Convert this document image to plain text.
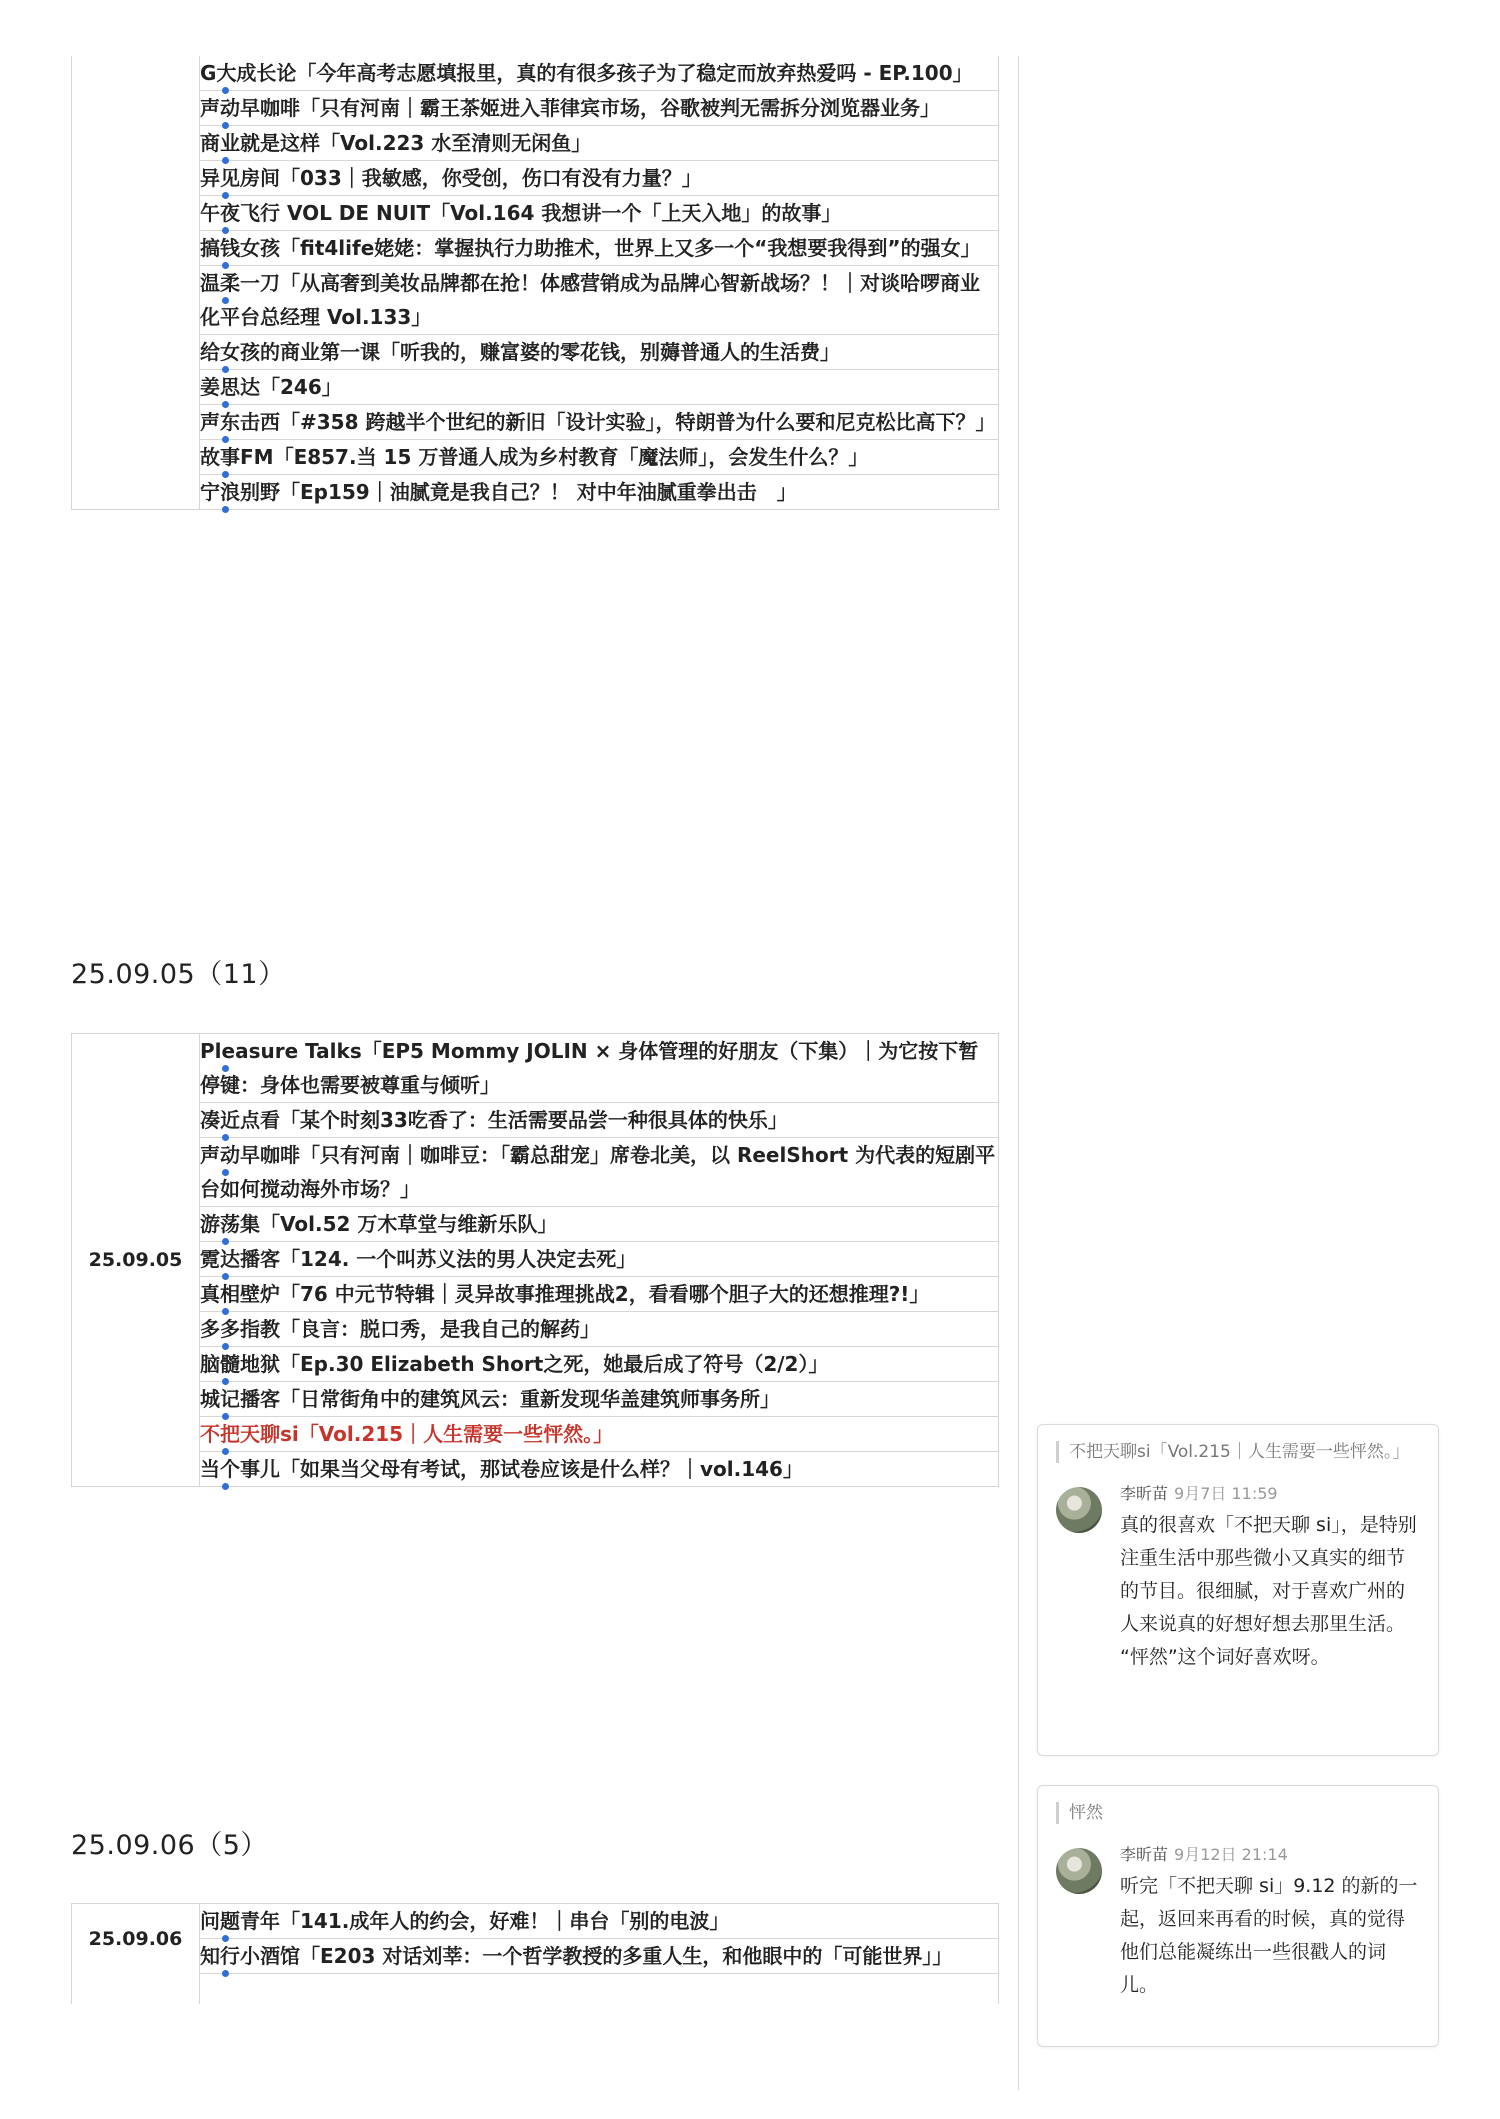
	G大成长论「今年高考志愿填报里，真的有很多孩子为了稳定而放弃热爱吗 - EP.100」
声动早咖啡「只有河南｜霸王茶姬进入菲律宾市场，谷歌被判无需拆分浏览器业务」
商业就是这样「Vol.223 水至清则无闲鱼」
异见房间「033｜我敏感，你受创，伤口有没有力量？」
午夜飞行 VOL DE NUIT「Vol.164 我想讲一个「上天入地」的故事」
搞钱女孩「fit4life姥姥：掌握执行力助推术，世界上又多一个“我想要我得到”的强女」
温柔一刀「从高奢到美妆品牌都在抢！体感营销成为品牌心智新战场？！｜对谈哈啰商业化平台总经理 Vol.133」
给女孩的商业第一课「听我的，赚富婆的零花钱，别薅普通人的生活费」
姜思达「246」
声东击西「#358 跨越半个世纪的新旧「设计实验」，特朗普为什么要和尼克松比高下？」
故事FM「E857.当 15 万普通人成为乡村教育「魔法师」，会发生什么？」
宁浪别野「Ep159｜油腻竟是我自己？！ 对中年油腻重拳出击　」
25.09.05（11）
25.09.05	Pleasure Talks「EP5 Mommy JOLIN × 身体管理的好朋友（下集）｜为它按下暂停键：身体也需要被尊重与倾听」
凑近点看「某个时刻33吃香了：生活需要品尝一种很具体的快乐」
声动早咖啡「只有河南｜咖啡豆：「霸总甜宠」席卷北美，以 ReelShort 为代表的短剧平台如何搅动海外市场？」
游荡集「Vol.52 万木草堂与维新乐队」
霓达播客「124. 一个叫苏义法的男人决定去死」
真相壁炉「76 中元节特辑｜灵异故事推理挑战2，看看哪个胆子大的还想推理?!」
多多指教「良言：脱口秀，是我自己的解药」
脑髓地狱「Ep.30 Elizabeth Short之死，她最后成了符号（2/2）」
城记播客「日常街角中的建筑风云：重新发现华盖建筑师事务所」
不把天聊si「Vol.215｜人生需要一些怦然。」
当个事儿「如果当父母有考试，那试卷应该是什么样？｜vol.146」
25.09.06（5）
25.09.06	问题青年「141.成年人的约会，好难！｜串台「别的电波」
知行小酒馆「E203 对话刘莘：一个哲学教授的多重人生，和他眼中的「可能世界」」

不把天聊si「Vol.215｜人生需要一些怦然。」
李昕苗 9月7日 11:59
真的很喜欢「不把天聊 si」，是特别注重生活中那些微小又真实的细节的节目。很细腻，对于喜欢广州的人来说真的好想好想去那里生活。
“怦然”这个词好喜欢呀。
怦然
李昕苗 9月12日 21:14
听完「不把天聊 si」9.12 的新的一起，返回来再看的时候，真的觉得他们总能凝练出一些很戳人的词儿。
